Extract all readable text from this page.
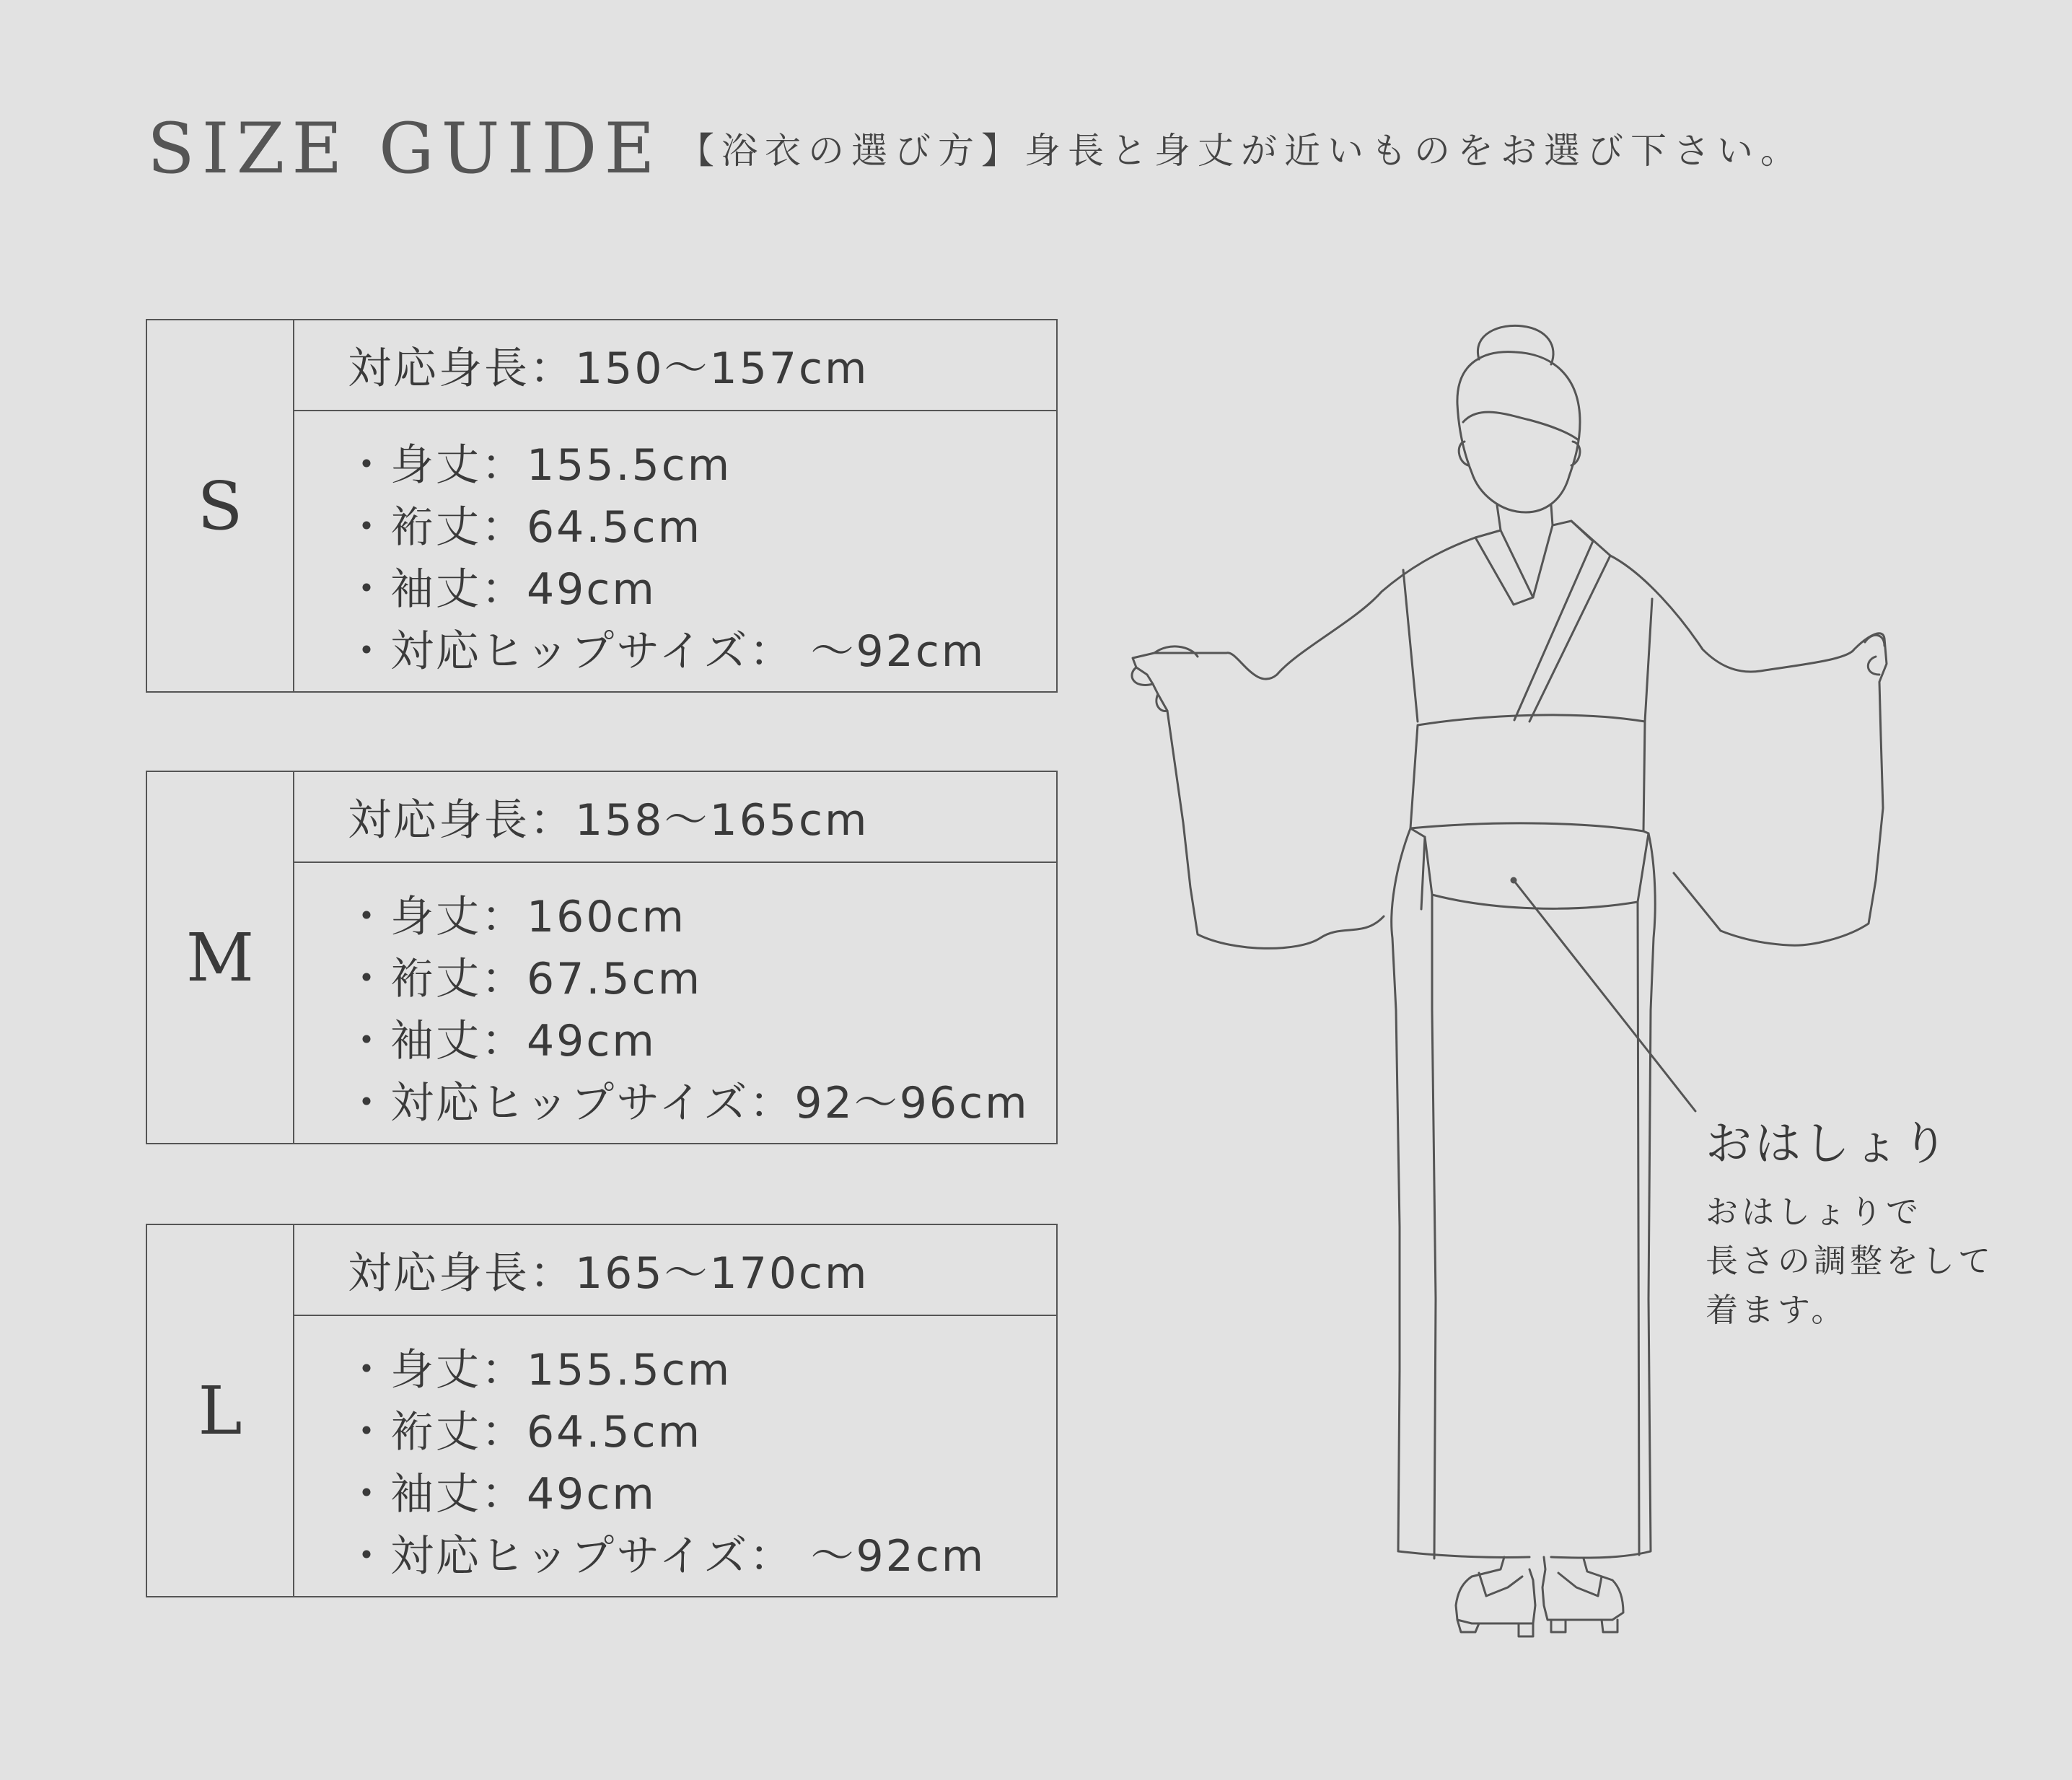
SIZE GUIDE 【浴衣の選び方】身長と身丈が近いものをお選び下さい。
S
対応身長：150～157cm
・身丈：155.5cm
・裄丈：64.5cm
・袖丈：49cm
・対応ヒップサイズ： ～92cm
M
対応身長：158～165cm
・身丈：160cm
・裄丈：67.5cm
・袖丈：49cm
・対応ヒップサイズ：92～96cm
L
対応身長：165～170cm
・身丈：155.5cm
・裄丈：64.5cm
・袖丈：49cm
・対応ヒップサイズ： ～92cm
おはしょり
おはしょりで
長さの調整をして
着ます。
